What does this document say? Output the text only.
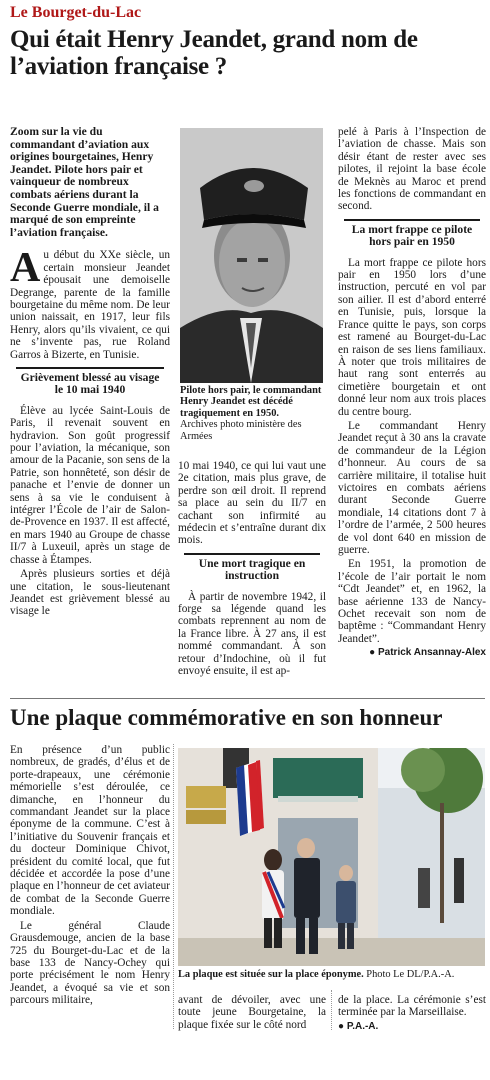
Le Bourget-du-Lac
Qui était Henry Jeandet, grand nom de l’aviation française ?

Zoom sur la vie du commandant d’aviation aux origines bourgetaines, Henry Jeandet. Pilote hors pair et vainqueur de nombreux combats aériens durant la Seconde Guerre mondiale, il a marqué de son empreinte l’aviation française.

Au début du XXe siècle, un certain monsieur Jeandet épousait une demoiselle Degrange, parente de la famille bourgetaine du même nom. De leur union naissait, en 1917, leur fils Henry, alors qu’ils vivaient, ce qui ne s’invente pas, rue Roland Garros à Bizerte, en Tunisie.

Grièvement blessé au visage le 10 mai 1940

Élève au lycée Saint-Louis de Paris, il revenait souvent en hydravion. Son goût progressif pour l’aviation, la mécanique, son amour de la Pacanie, son sens de la Patrie, son honnêteté, son désir de panache et l’envie de donner un sens à sa vie le conduisent à intégrer l’École de l’air de Salon-de-Provence en 1937. Il est affecté, en mars 1940 au Groupe de chasse II/7 à Luxeuil, après un stage de chasse à Étampes.

Après plusieurs sorties et déjà une citation, le sous-lieutenant Jeandet est grièvement blessé au visage le

Pilote hors pair, le commandant Henry Jeandet est décédé tragiquement en 1950.
Archives photo ministère des Armées

10 mai 1940, ce qui lui vaut une 2e citation, mais plus grave, de perdre son œil droit. Il reprend sa place au sein du II/7 en cachant son infirmité au médecin et s’entraîne durant dix mois.

Une mort tragique en instruction

À partir de novembre 1942, il forge sa légende quand les combats reprennent au nom de la France libre. À 27 ans, il est nommé commandant. À son retour d’Indochine, où il fut envoyé ensuite, il est ap-

pelé à Paris à l’Inspection de l’aviation de chasse. Mais son désir étant de rester avec ses pilotes, il rejoint la base école de Meknès au Maroc et prend les fonctions de commandant en second.

La mort frappe ce pilote hors pair en 1950

La mort frappe ce pilote hors pair en 1950 lors d’une instruction, percuté en vol par son ailier. Il est d’abord enterré en Tunisie, puis, lorsque la France quitte le pays, son corps est ramené au Bourget-du-Lac en raison de ses liens familiaux. À noter que trois militaires de haut rang sont enterrés au cimetière bourgetain et ont donné leur nom aux trois places du centre bourg.

Le commandant Henry Jeandet reçut à 30 ans la cravate de commandeur de la Légion d’honneur. Au cours de sa carrière militaire, il totalise huit victoires en combats aériens durant Seconde Guerre mondiale, 14 citations dont 7 à l’ordre de l’armée, 2 500 heures de vol dont 640 en mission de guerre.

En 1951, la promotion de l’école de l’air portait le nom “Cdt Jeandet” et, en 1962, la base aérienne 133 de Nancy-Ochet recevait son nom de baptême : “Commandant Henry Jeandet”.

● Patrick Ansannay-Alex
Une plaque commémorative en son honneur

En présence d’un public nombreux, de gradés, d’élus et de porte-drapeaux, une cérémonie mémorielle s’est déroulée, ce dimanche, en l’honneur du commandant Jeandet sur la place éponyme de la commune. C’est à l’initiative du Souvenir français et du docteur Dominique Chivot, président du comité local, que fut décidée et accordée la pose d’une plaque en l’honneur de cet aviateur de combat de la Seconde Guerre mondiale.

Le général Claude Grausdemouge, ancien de la base 725 du Bourget-du-Lac et de la base 133 de Nancy-Ochey qui porte précisément le nom Henry Jeandet, a évoqué sa vie et son parcours militaire,

La plaque est située sur la place éponyme. Photo Le DL/P.A.-A.

avant de dévoiler, avec une toute jeune Bourgetaine, la plaque fixée sur le côté nord

de la place. La cérémonie s’est terminée par la Marseillaise.

● P.A.-A.
